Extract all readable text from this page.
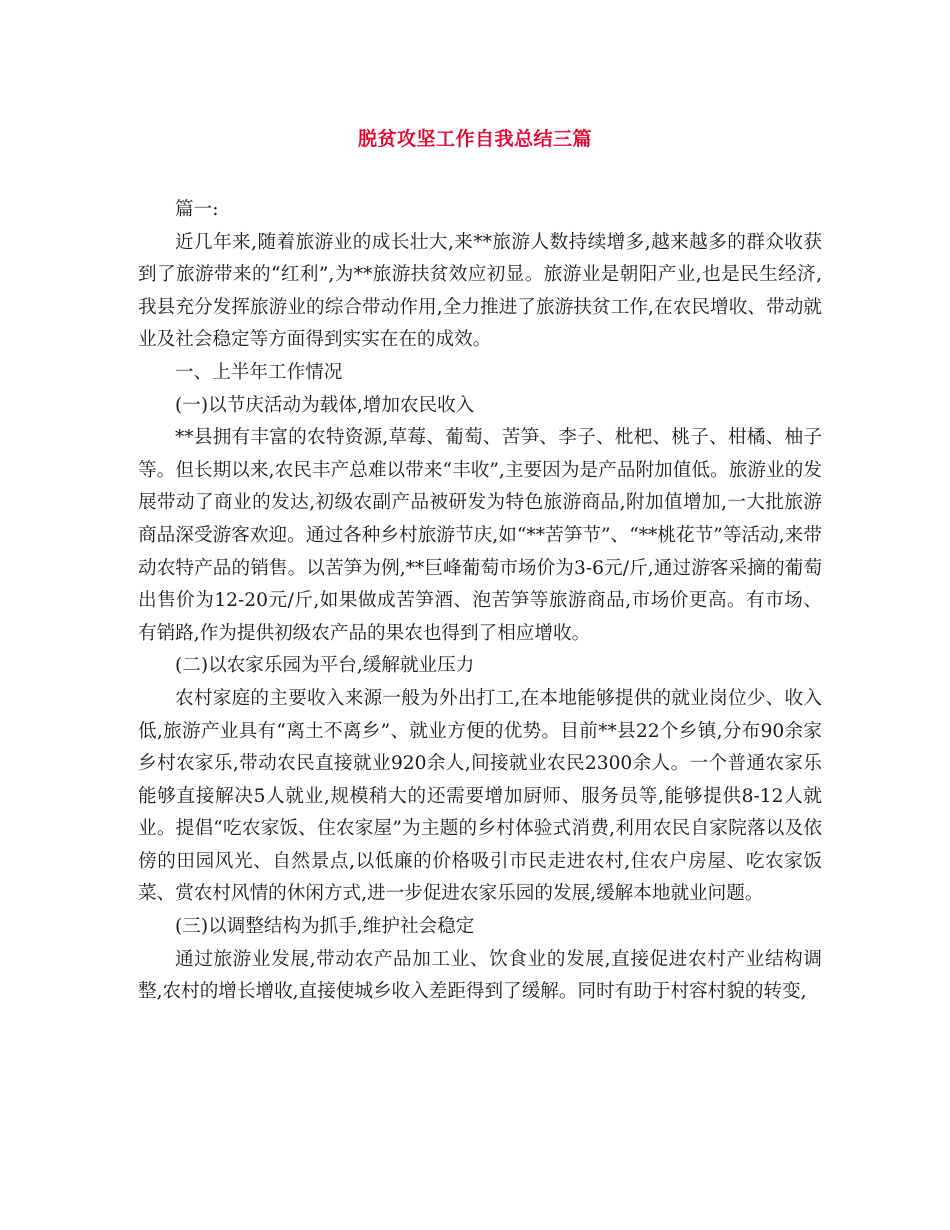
脱贫攻坚工作自我总结三篇

篇一:

近几年来,随着旅游业的成长壮大,来**旅游人数持续增多,越来越多的群众收获到了旅游带来的“红利”,为**旅游扶贫效应初显。旅游业是朝阳产业,也是民生经济,我县充分发挥旅游业的综合带动作用,全力推进了旅游扶贫工作,在农民增收、带动就业及社会稳定等方面得到实实在在的成效。

一、上半年工作情况

(一)以节庆活动为载体,增加农民收入

**县拥有丰富的农特资源,草莓、葡萄、苦笋、李子、枇杷、桃子、柑橘、柚子等。但长期以来,农民丰产总难以带来“丰收”,主要因为是产品附加值低。旅游业的发展带动了商业的发达,初级农副产品被研发为特色旅游商品,附加值增加,一大批旅游商品深受游客欢迎。通过各种乡村旅游节庆,如“**苦笋节”、“**桃花节”等活动,来带动农特产品的销售。以苦笋为例,**巨峰葡萄市场价为3-6元/斤,通过游客采摘的葡萄出售价为12-20元/斤,如果做成苦笋酒、泡苦笋等旅游商品,市场价更高。有市场、有销路,作为提供初级农产品的果农也得到了相应增收。

(二)以农家乐园为平台,缓解就业压力

农村家庭的主要收入来源一般为外出打工,在本地能够提供的就业岗位少、收入低,旅游产业具有“离土不离乡”、就业方便的优势。目前**县22个乡镇,分布90余家乡村农家乐,带动农民直接就业920余人,间接就业农民2300余人。一个普通农家乐能够直接解决5人就业,规模稍大的还需要增加厨师、服务员等,能够提供8-12人就业。提倡“吃农家饭、住农家屋”为主题的乡村体验式消费,利用农民自家院落以及依傍的田园风光、自然景点,以低廉的价格吸引市民走进农村,住农户房屋、吃农家饭菜、赏农村风情的休闲方式,进一步促进农家乐园的发展,缓解本地就业问题。

(三)以调整结构为抓手,维护社会稳定

通过旅游业发展,带动农产品加工业、饮食业的发展,直接促进农村产业结构调整,农村的增长增收,直接使城乡收入差距得到了缓解。同时有助于村容村貌的转变,
